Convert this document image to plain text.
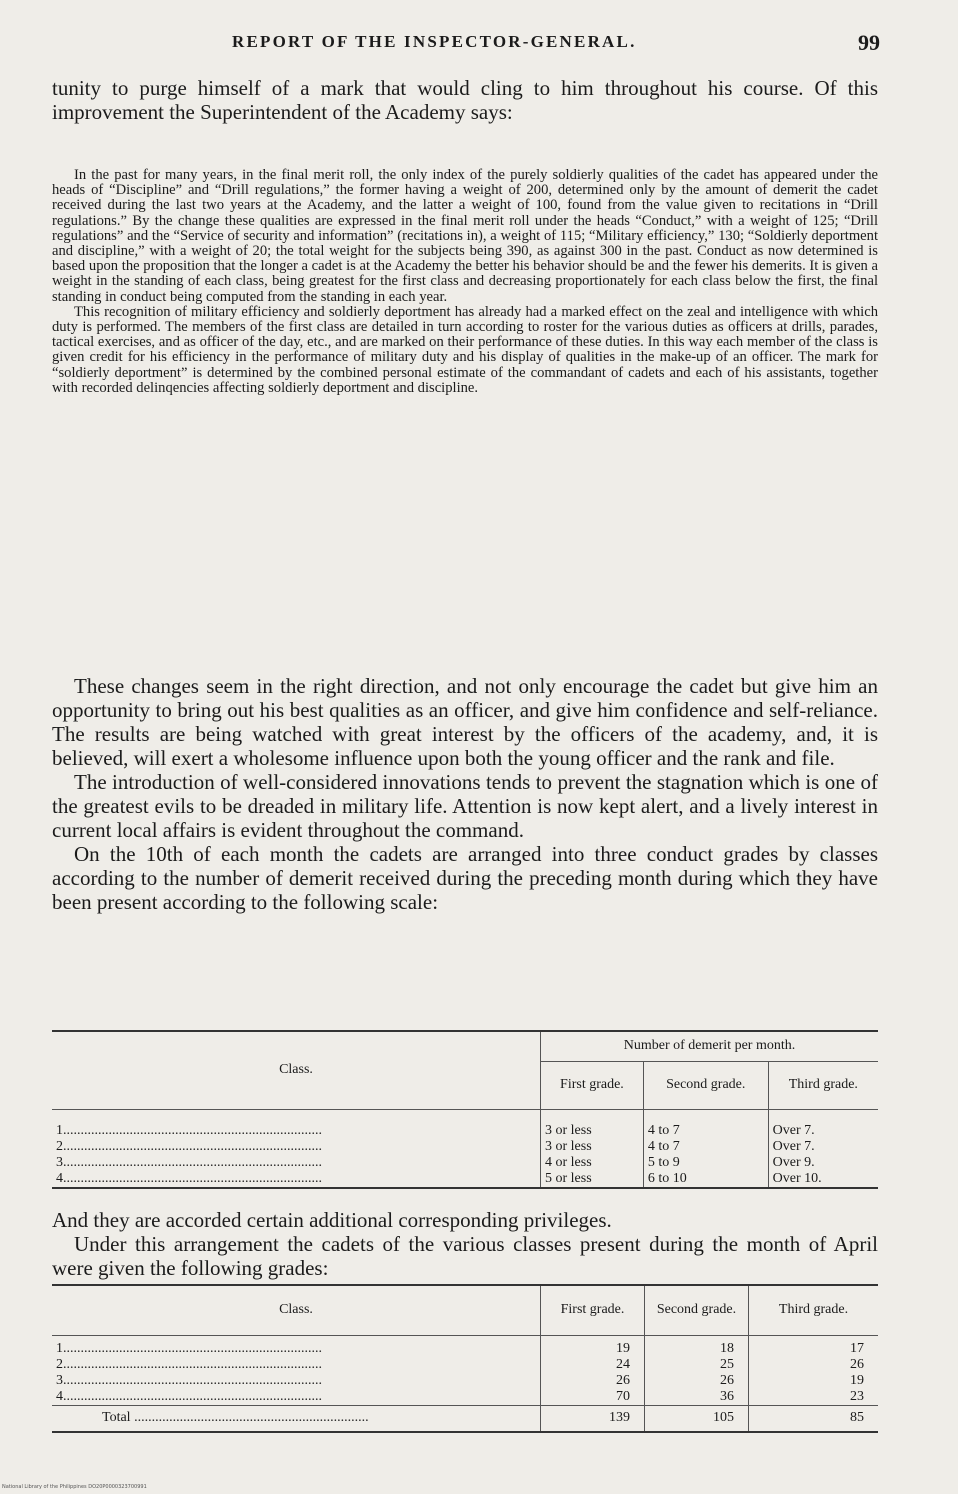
REPORT OF THE INSPECTOR-GENERAL.	99

tunity to purge himself of a mark that would cling to him throughout his course. Of this improvement the Superintendent of the Academy says:

In the past for many years, in the final merit roll, the only index of the purely soldierly qualities of the cadet has appeared under the heads of “Discipline” and “Drill regulations,” the former having a weight of 200, determined only by the amount of demerit the cadet received during the last two years at the Academy, and the latter a weight of 100, found from the value given to recitations in “Drill regulations.” By the change these qualities are expressed in the final merit roll under the heads “Conduct,” with a weight of 125; “Drill regulations” and the “Service of security and information” (recitations in), a weight of 115; “Military efficiency,” 130; “Soldierly deportment and discipline,” with a weight of 20; the total weight for the subjects being 390, as against 300 in the past. Conduct as now determined is based upon the proposition that the longer a cadet is at the Academy the better his behavior should be and the fewer his demerits. It is given a weight in the standing of each class, being greatest for the first class and decreasing proportionately for each class below the first, the final standing in conduct being computed from the standing in each year.

This recognition of military efficiency and soldierly deportment has already had a marked effect on the zeal and intelligence with which duty is performed. The members of the first class are detailed in turn according to roster for the various duties as officers at drills, parades, tactical exercises, and as officer of the day, etc., and are marked on their performance of these duties. In this way each member of the class is given credit for his efficiency in the performance of military duty and his display of qualities in the make-up of an officer. The mark for “soldierly deportment” is determined by the combined personal estimate of the commandant of cadets and each of his assistants, together with recorded delinqencies affecting soldierly deportment and discipline.

These changes seem in the right direction, and not only encourage the cadet but give him an opportunity to bring out his best qualities as an officer, and give him confidence and self-reliance. The results are being watched with great interest by the officers of the academy, and, it is believed, will exert a wholesome influence upon both the young officer and the rank and file.

The introduction of well-considered innovations tends to prevent the stagnation which is one of the greatest evils to be dreaded in military life. Attention is now kept alert, and a lively interest in current local affairs is evident throughout the command.

On the 10th of each month the cadets are arranged into three conduct grades by classes according to the number of demerit received during the preceding month during which they have been present according to the following scale:

Class.	Number of demerit per month.		
	First grade.	Second grade.	Third grade.

1..........................................................................	3 or less	4 to 7	Over 7.
2..........................................................................	3 or less	4 to 7	Over 7.
3..........................................................................	4 or less	5 to 9	Over 9.
4..........................................................................	5 or less	6 to 10	Over 10.

And they are accorded certain additional corresponding privileges.

Under this arrangement the cadets of the various classes present during the month of April were given the following grades:

Class.	First grade.	Second grade.	Third grade.

1..........................................................................	19	18	17
2..........................................................................	24	25	26
3..........................................................................	26	26	19
4..........................................................................	70	36	23
Total ...................................................................	139	105	85
National Library of the Philippines DO20P0000323700991
